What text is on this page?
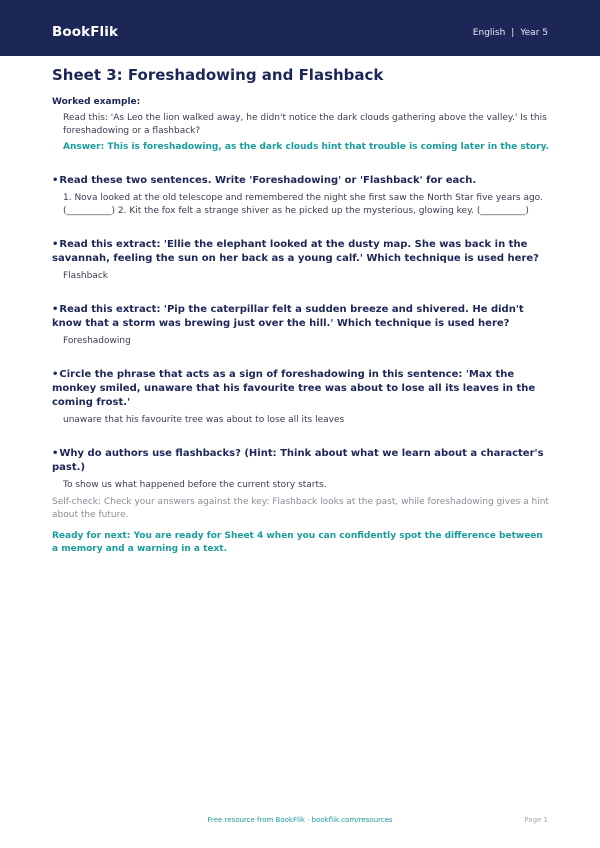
BookFlik	English | Year 5
Sheet 3: Foreshadowing and Flashback
Worked example:
Read this: 'As Leo the lion walked away, he didn't notice the dark clouds gathering above the valley.' Is this foreshadowing or a flashback?
Answer: This is foreshadowing, as the dark clouds hint that trouble is coming later in the story.
•Read these two sentences. Write 'Foreshadowing' or 'Flashback' for each.
1. Nova looked at the old telescope and remembered the night she first saw the North Star five years ago. (__________) 2. Kit the fox felt a strange shiver as he picked up the mysterious, glowing key. (__________)
•Read this extract: 'Ellie the elephant looked at the dusty map. She was back in the savannah, feeling the sun on her back as a young calf.' Which technique is used here?
Flashback
•Read this extract: 'Pip the caterpillar felt a sudden breeze and shivered. He didn't know that a storm was brewing just over the hill.' Which technique is used here?
Foreshadowing
•Circle the phrase that acts as a sign of foreshadowing in this sentence: 'Max the monkey smiled, unaware that his favourite tree was about to lose all its leaves in the coming frost.'
unaware that his favourite tree was about to lose all its leaves
•Why do authors use flashbacks? (Hint: Think about what we learn about a character's past.)
To show us what happened before the current story starts.
Self-check: Check your answers against the key: Flashback looks at the past, while foreshadowing gives a hint about the future.
Ready for next: You are ready for Sheet 4 when you can confidently spot the difference between a memory and a warning in a text.
Free resource from BookFlik · bookflik.com/resources	Page 1
